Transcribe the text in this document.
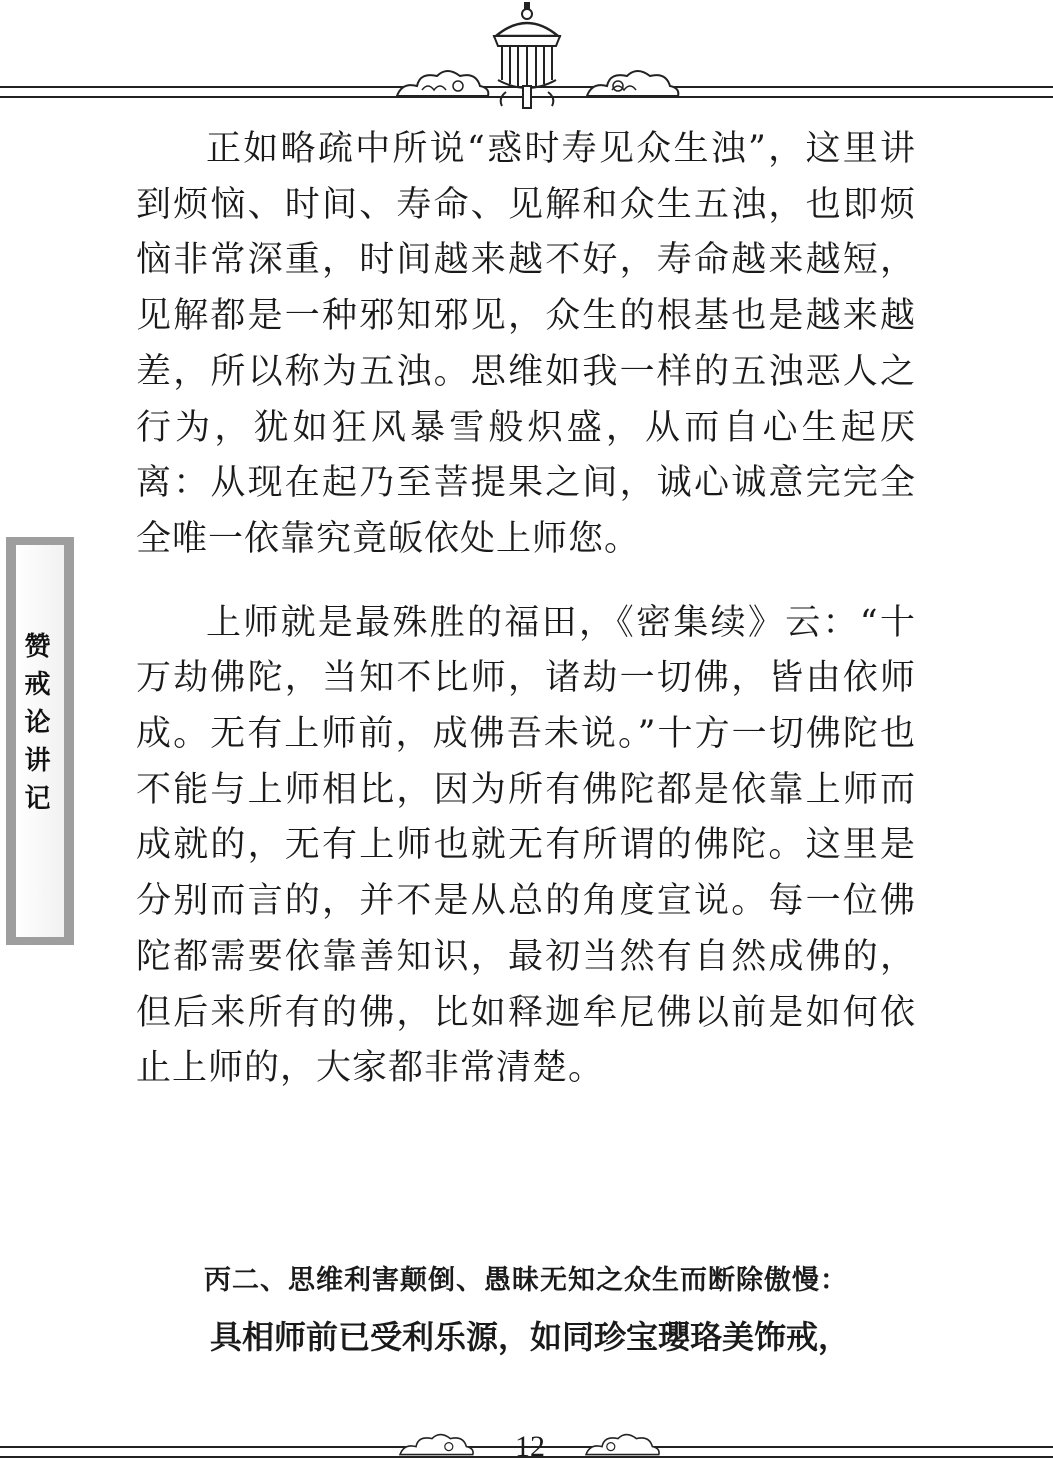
赞戒论讲记

正如略疏中所说“惑时寿见众生浊”，这里讲到烦恼、时间、寿命、见解和众生五浊，也即烦恼非常深重，时间越来越不好，寿命越来越短，见解都是一种邪知邪见，众生的根基也是越来越差，所以称为五浊。思维如我一样的五浊恶人之行为，犹如狂风暴雪般炽盛，从而自心生起厌离：从现在起乃至菩提果之间，诚心诚意完完全全唯一依靠究竟皈依处上师您。

上师就是最殊胜的福田，《密集续》云：“十万劫佛陀，当知不比师，诸劫一切佛，皆由依师成。无有上师前，成佛吾未说。”十方一切佛陀也不能与上师相比，因为所有佛陀都是依靠上师而成就的，无有上师也就无有所谓的佛陀。这里是分别而言的，并不是从总的角度宣说。每一位佛陀都需要依靠善知识，最初当然有自然成佛的，但后来所有的佛，比如释迦牟尼佛以前是如何依止上师的，大家都非常清楚。

丙二、思维利害颠倒、愚昧无知之众生而断除傲慢：
具相师前已受利乐源，如同珍宝瓔珞美饰戒，
12
